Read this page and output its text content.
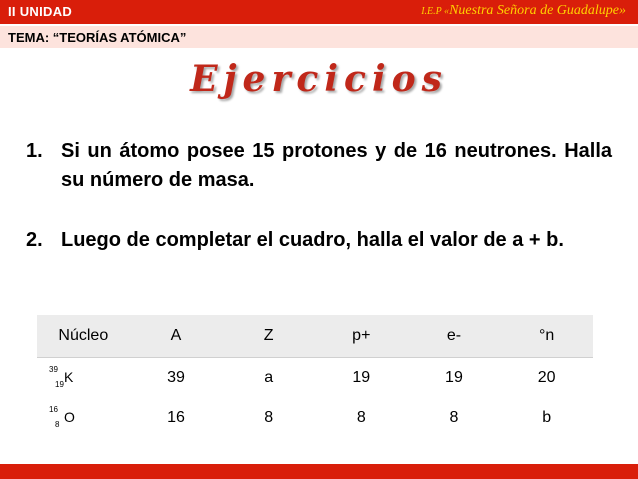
II UNIDAD	I.E.P «Nuestra Señora de Guadalupe»
TEMA: “TEORÍAS ATÓMICA”
Ejercicios
1. Si un átomo posee 15 protones y de 16 neutrones. Halla su número de masa.
2. Luego de completar el cuadro, halla el valor de a + b.
Núcleo	A	Z	p+	e-	°n

39
19 K	39	a	19	19	20

16
8 O	16	8	8	8	b
